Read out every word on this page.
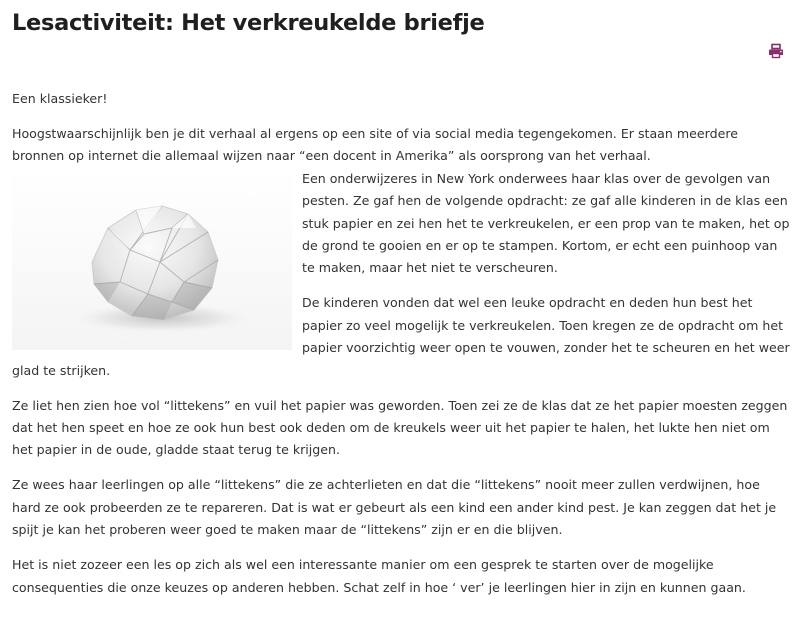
Lesactiviteit: Het verkreukelde briefje

Een klassieker!

Hoogstwaarschijnlijk ben je dit verhaal al ergens op een site of via social media tegengekomen. Er staan meerdere bronnen op internet die allemaal wijzen naar “een docent in Amerika” als oorsprong van het verhaal.

Een onderwijzeres in New York onderwees haar klas over de gevolgen van pesten. Ze gaf hen de volgende opdracht: ze gaf alle kinderen in de klas een stuk papier en zei hen het te verkreukelen, er een prop van te maken, het op de grond te gooien en er op te stampen. Kortom, er echt een puinhoop van te maken, maar het niet te verscheuren.

De kinderen vonden dat wel een leuke opdracht en deden hun best het papier zo veel mogelijk te verkreukelen. Toen kregen ze de opdracht om het papier voorzichtig weer open te vouwen, zonder het te scheuren en het weer glad te strijken.

Ze liet hen zien hoe vol “littekens” en vuil het papier was geworden. Toen zei ze de klas dat ze het papier moesten zeggen dat het hen speet en hoe ze ook hun best ook deden om de kreukels weer uit het papier te halen, het lukte hen niet om het papier in de oude, gladde staat terug te krijgen.

Ze wees haar leerlingen op alle “littekens” die ze achterlieten en dat die “littekens” nooit meer zullen verdwijnen, hoe hard ze ook probeerden ze te repareren. Dat is wat er gebeurt als een kind een ander kind pest. Je kan zeggen dat het je spijt je kan het proberen weer goed te maken maar de “littekens” zijn er en die blijven.

Het is niet zozeer een les op zich als wel een interessante manier om een gesprek te starten over de mogelijke consequenties die onze keuzes op anderen hebben. Schat zelf in hoe ‘ ver’ je leerlingen hier in zijn en kunnen gaan.
